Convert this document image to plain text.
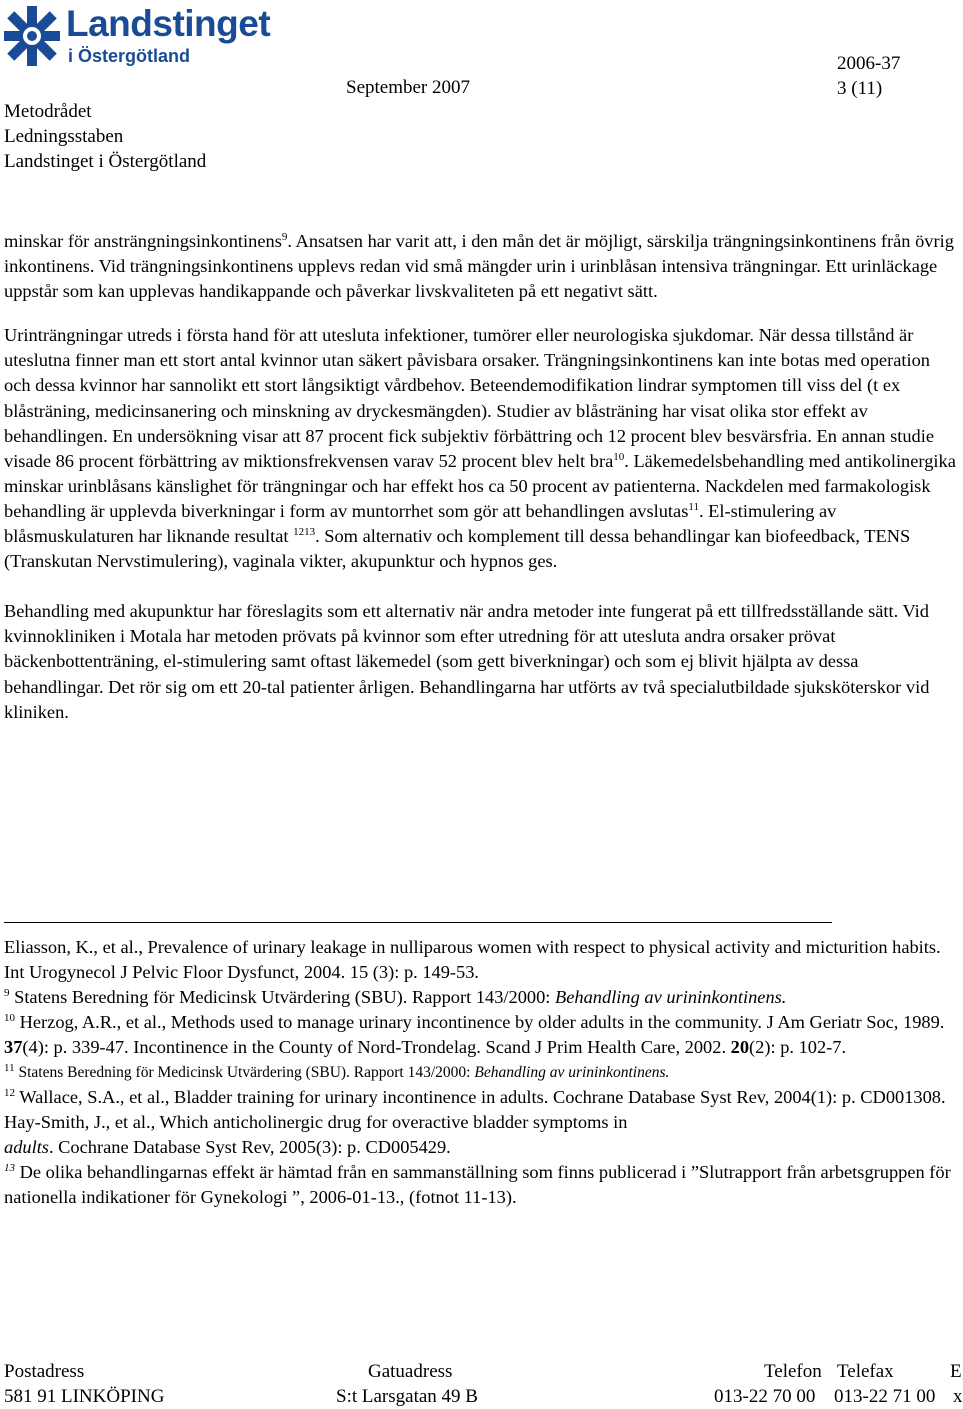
Landstinget
i Östergötland
September 2007
2006-37
3 (11)
Metodrådet
Ledningsstaben
Landstinget i Östergötland

minskar för ansträngningsinkontinens$^9$. Ansatsen har varit att, i den mån det är möjligt, särskilja trängningsinkontinens från övrig inkontinens. Vid trängningsinkontinens upplevs redan vid små mängder urin i urinblåsan intensiva trängningar. Ett urinläckage uppstår som kan upplevas handikappande och påverkar livskvaliteten på ett negativt sätt.

Urinträngningar utreds i första hand för att utesluta infektioner, tumörer eller neurologiska sjukdomar. När dessa tillstånd är uteslutna finner man ett stort antal kvinnor utan säkert påvisbara orsaker. Trängningsinkontinens kan inte botas med operation och dessa kvinnor har sannolikt ett stort långsiktigt vårdbehov. Beteendemodifikation lindrar symptomen till viss del (t ex blåsträning, medicinsanering och minskning av dryckesmängden). Studier av blåsträning har visat olika stor effekt av behandlingen. En undersökning visar att 87 procent fick subjektiv förbättring och 12 procent blev besvärsfria. En annan studie visade 86 procent förbättring av miktionsfrekvensen varav 52 procent blev helt bra$^{10}$. Läkemedelsbehandling med antikolinergika minskar urinblåsans känslighet för trängningar och har effekt hos ca 50 procent av patienterna. Nackdelen med farmakologisk behandling är upplevda biverkningar i form av muntorrhet som gör att behandlingen avslutas$^{11}$. El-stimulering av blåsmuskulaturen har liknande resultat $^{1213}$. Som alternativ och komplement till dessa behandlingar kan biofeedback, TENS (Transkutan Nervstimulering), vaginala vikter, akupunktur och hypnos ges.

Behandling med akupunktur har föreslagits som ett alternativ när andra metoder inte fungerat på ett tillfredsställande sätt. Vid kvinnokliniken i Motala har metoden prövats på kvinnor som efter utredning för att utesluta andra orsaker prövat bäckenbottenträning, el-stimulering samt oftast läkemedel (som gett biverkningar) och som ej blivit hjälpta av dessa behandlingar. Det rör sig om ett 20-tal patienter årligen. Behandlingarna har utförts av två specialutbildade sjuksköterskor vid kliniken.

Eliasson, K., et al., Prevalence of urinary leakage in nulliparous women with respect to physical activity and micturition habits. Int Urogynecol J Pelvic Floor Dysfunct, 2004. 15 (3): p. 149-53.

$^9$ Statens Beredning för Medicinsk Utvärdering (SBU). Rapport 143/2000: Behandling av urininkontinens.

$^{10}$ Herzog, A.R., et al., Methods used to manage urinary incontinence by older adults in the community. J Am Geriatr Soc, 1989. 37(4): p. 339-47. Incontinence in the County of Nord-Trondelag. Scand J Prim Health Care, 2002. 20(2): p. 102-7.

$^{11}$ Statens Beredning för Medicinsk Utvärdering (SBU). Rapport 143/2000: Behandling av urininkontinens.

$^{12}$ Wallace, S.A., et al., Bladder training for urinary incontinence in adults. Cochrane Database Syst Rev, 2004(1): p. CD001308. Hay-Smith, J., et al., Which anticholinergic drug for overactive bladder symptoms in
adults. Cochrane Database Syst Rev, 2005(3): p. CD005429.

$^{13}$ De olika behandlingarnas effekt är hämtad från en sammanställning som finns publicerad i ”Slutrapport från arbetsgruppen för nationella indikationer för Gynekologi ”, 2006-01-13., (fotnot 11-13).

Postadress
581 91 LINKÖPING
Gatuadress
S:t Larsgatan 49 B
Telefon Telefax
013-22 70 00 013-22 71 00
E
x
